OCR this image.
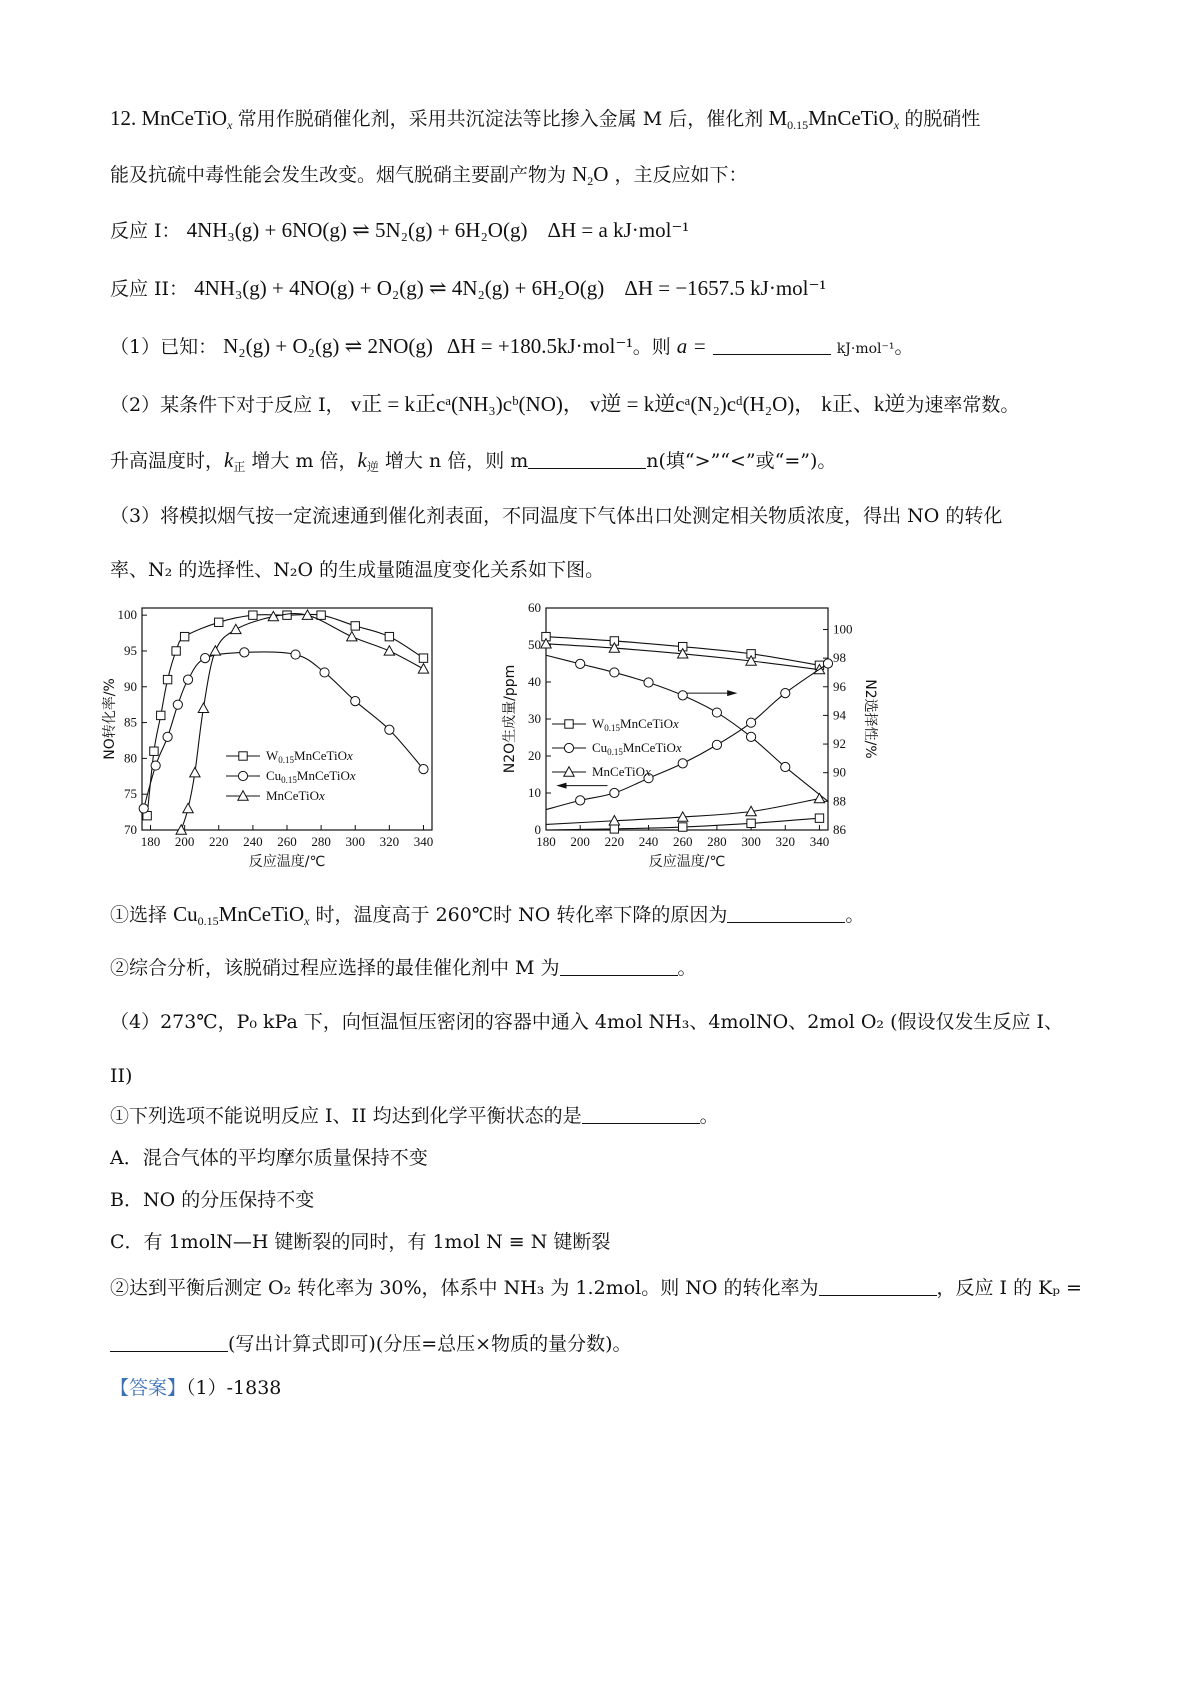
12. MnCeTiO$_x$ 常用作脱硝催化剂，采用共沉淀法等比掺入金属 M 后，催化剂 $M_{0.15}MnCeTiO_x$ 的脱硝性
能及抗硫中毒性能会发生改变。烟气脱硝主要副产物为 $N_2O$ ，主反应如下：
反应 I： 4NH₃(g) + 6NO(g) ⇌ 5N₂(g) + 6H₂O(g) ΔH = a kJ·mol⁻¹
反应 II： 4NH₃(g) + 4NO(g) + O₂(g) ⇌ 4N₂(g) + 6H₂O(g) ΔH = −1657.5 kJ·mol⁻¹
（1）已知： N₂(g) + O₂(g) ⇌ 2NO(g) ΔH = +180.5kJ·mol⁻¹。则 a =	kJ·mol⁻¹。
（2）某条件下对于反应 I， v正 = k正cᵃ(NH₃)cᵇ(NO)， v逆 = k逆cᵃ(N₂)cᵈ(H₂O)， k正、k逆为速率常数。
升高温度时，$k_正$ 增大 m 倍，$k_逆$ 增大 n 倍，则 m	n(填“>”“<”或“=”)。
（3）将模拟烟气按一定流速通到催化剂表面，不同温度下气体出口处测定相关物质浓度，得出 NO 的转化
率、N₂ 的选择性、N₂O 的生成量随温度变化关系如下图。
180 200 220 240 260 280 300 320 340
70
75
80
85
90
95
100
反应温度/℃
NO转化率/%	$W_{0.15}MnCeTiOx$
$Cu_{0.15}MnCeTiOx$
MnCeTiOx
180 200 220 240 260 280 300 320 340
0
10
20
30
40
50
60
86
88
90
92
94
96
98
100
反应温度/℃
N2O生成量/ppm	N2选择性/%
$W_{0.15}MnCeTiOx$
$Cu_{0.15}MnCeTiOx$
MnCeTiOx
①选择 $Cu_{0.15}MnCeTiO_x$ 时，温度高于 260℃时 NO 转化率下降的原因为	。
②综合分析，该脱硝过程应选择的最佳催化剂中 M 为	。
（4）273℃，P₀ kPa 下，向恒温恒压密闭的容器中通入 4mol NH₃、4molNO、2mol O₂ (假设仅发生反应 I、
II)
①下列选项不能说明反应 I、II 均达到化学平衡状态的是	。
A．混合气体的平均摩尔质量保持不变
B．NO 的分压保持不变
C．有 1molN—H 键断裂的同时，有 1mol N ≡ N 键断裂
②达到平衡后测定 O₂ 转化率为 30%，体系中 NH₃ 为 1.2mol。则 NO 的转化率为	，反应 I 的 Kₚ =
(写出计算式即可)(分压=总压×物质的量分数)。
【答案】（1）-1838
